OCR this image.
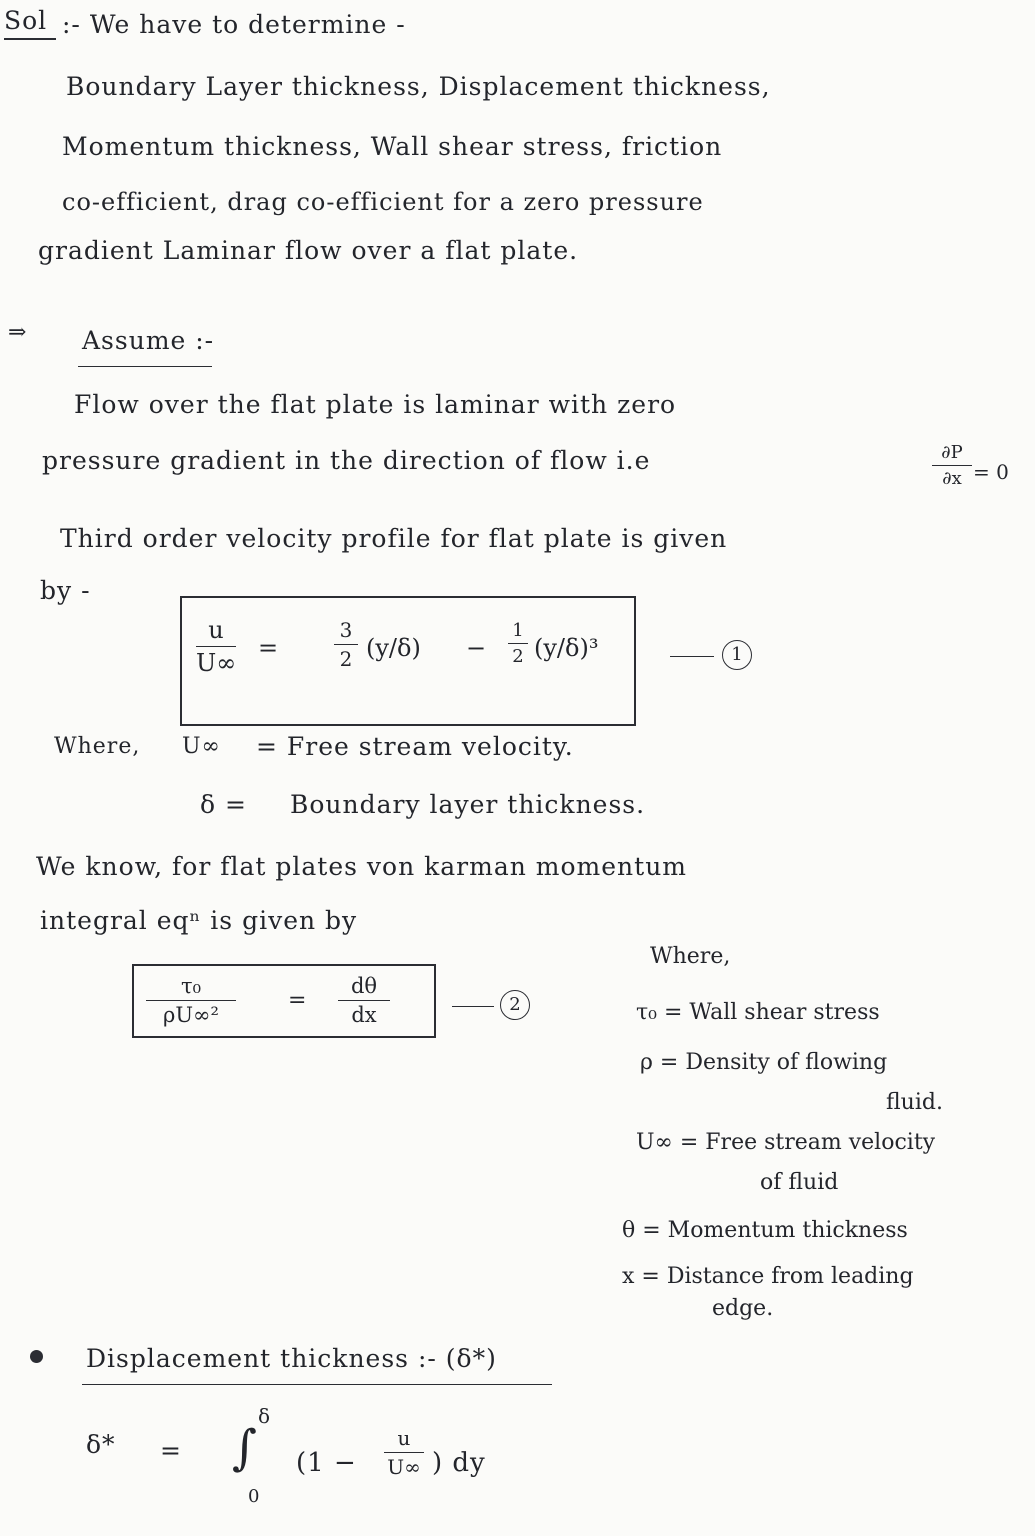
Sol :- We have to determine -
Boundary Layer thickness, Displacement thickness,
Momentum thickness, Wall shear stress, friction
co-efficient, drag co-efficient for a zero pressure
gradient Laminar flow over a flat plate.
⇒ Assume :-
Flow over the flat plate is laminar with zero
pressure gradient in the direction of flow i.e	∂P
∂x = 0
Third order velocity profile for flat plate is given
by -
u
U∞
=
3
2 (y/δ) −
1
2 (y/δ)³	1
Where, U∞ = Free stream velocity.
δ = Boundary layer thickness.
We know, for flat plates von karman momentum
integral eqⁿ is given by
τ₀
ρU∞²
=
dθ
dx	2
Where,
τ₀ = Wall shear stress
ρ = Density of flowing
fluid.
U∞ = Free stream velocity
of fluid
θ = Momentum thickness
x = Distance from leading
edge.
Displacement thickness :- (δ*)
δ* =
δ
∫
0
(1 −
u
U∞ ) dy
